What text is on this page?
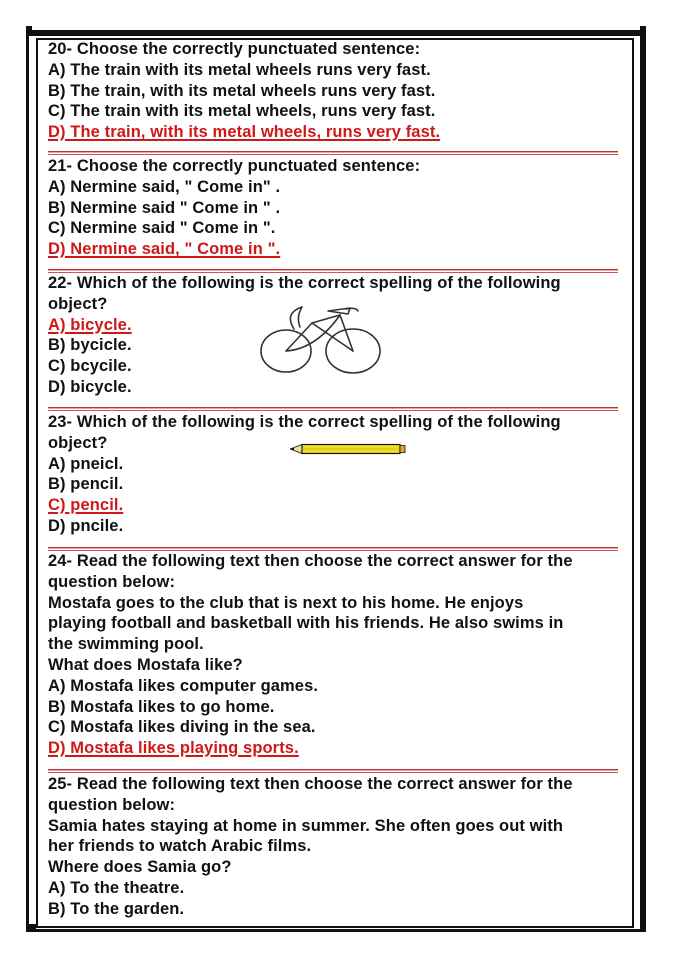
20- Choose the correctly punctuated sentence:
A) The train with its metal wheels runs very fast.
B) The train, with its metal wheels runs very fast.
C) The train with its metal wheels, runs very fast.
D) The train, with its metal wheels, runs very fast.
21- Choose the correctly punctuated sentence:
A) Nermine said, " Come in" .
B) Nermine said " Come in " .
C) Nermine said " Come in ".
D) Nermine said, " Come in ".
22- Which of the following is the correct spelling of the following
object?
A) bicycle.
B) bycicle.
C) bcycile.
D) bicycle.
23- Which of the following is the correct spelling of the following
object?
A) pneicl.
B) pencil.
C) pencil.
D) pncile.
24- Read the following text then choose the correct answer for the
question below:
Mostafa goes to the club that is next to his home. He enjoys
playing football and basketball with his friends. He also swims in
the swimming pool.
What does Mostafa like?
A) Mostafa likes computer games.
B) Mostafa likes to go home.
C) Mostafa likes diving in the sea.
D) Mostafa likes playing sports.
25- Read the following text then choose the correct answer for the
question below:
Samia hates staying at home in summer. She often goes out with
her friends to watch Arabic films.
Where does Samia go?
A) To the theatre.
B) To the garden.
